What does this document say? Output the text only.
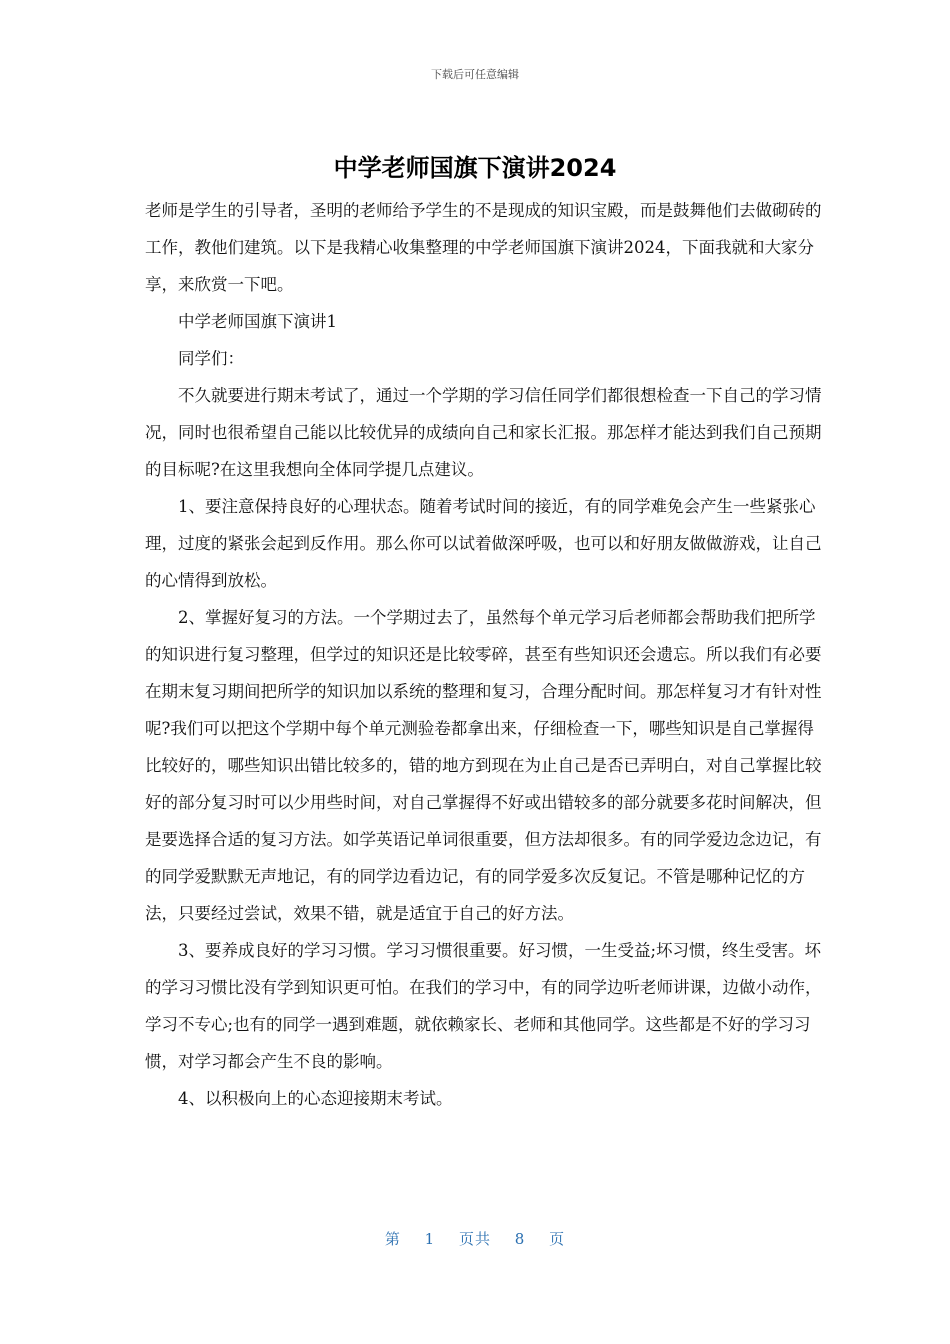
下载后可任意编辑
中学老师国旗下演讲2024

老师是学生的引导者，圣明的老师给予学生的不是现成的知识宝殿，而是鼓舞他们去做砌砖的工作，教他们建筑。以下是我精心收集整理的中学老师国旗下演讲2024，下面我就和大家分享，来欣赏一下吧。

中学老师国旗下演讲1

同学们：

不久就要进行期末考试了，通过一个学期的学习信任同学们都很想检查一下自己的学习情况，同时也很希望自己能以比较优异的成绩向自己和家长汇报。那怎样才能达到我们自己预期的目标呢?在这里我想向全体同学提几点建议。

1、要注意保持良好的心理状态。随着考试时间的接近，有的同学难免会产生一些紧张心理，过度的紧张会起到反作用。那么你可以试着做深呼吸，也可以和好朋友做做游戏，让自己的心情得到放松。

2、掌握好复习的方法。一个学期过去了，虽然每个单元学习后老师都会帮助我们把所学的知识进行复习整理，但学过的知识还是比较零碎，甚至有些知识还会遗忘。所以我们有必要在期末复习期间把所学的知识加以系统的整理和复习，合理分配时间。那怎样复习才有针对性呢?我们可以把这个学期中每个单元测验卷都拿出来，仔细检查一下，哪些知识是自己掌握得比较好的，哪些知识出错比较多的，错的地方到现在为止自己是否已弄明白，对自己掌握比较好的部分复习时可以少用些时间，对自己掌握得不好或出错较多的部分就要多花时间解决，但是要选择合适的复习方法。如学英语记单词很重要，但方法却很多。有的同学爱边念边记，有的同学爱默默无声地记，有的同学边看边记，有的同学爱多次反复记。不管是哪种记忆的方法，只要经过尝试，效果不错，就是适宜于自己的好方法。

3、要养成良好的学习习惯。学习习惯很重要。好习惯，一生受益;坏习惯，终生受害。坏的学习习惯比没有学到知识更可怕。在我们的学习中，有的同学边听老师讲课，边做小动作，学习不专心;也有的同学一遇到难题，就依赖家长、老师和其他同学。这些都是不好的学习习惯，对学习都会产生不良的影响。

4、以积极向上的心态迎接期末考试。

第 1 页共 8 页
